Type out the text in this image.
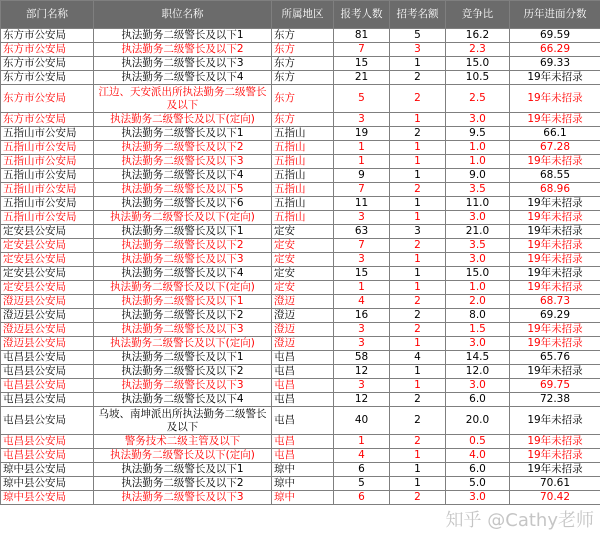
部门名称	职位名称	所属地区	报考人数	招考名额	竞争比	历年进面分数
东方市公安局	执法勤务二级警长及以下1	东方	81	5	16.2	69.59
东方市公安局	执法勤务二级警长及以下2	东方	7	3	2.3	66.29
东方市公安局	执法勤务二级警长及以下3	东方	15	1	15.0	69.33
东方市公安局	执法勤务二级警长及以下4	东方	21	2	10.5	19年未招录
东方市公安局	江边、天安派出所执法勤务二级警长及以下	东方	5	2	2.5	19年未招录
东方市公安局	执法勤务二级警长及以下(定向)	东方	3	1	3.0	19年未招录
五指山市公安局	执法勤务二级警长及以下1	五指山	19	2	9.5	66.1
五指山市公安局	执法勤务二级警长及以下2	五指山	1	1	1.0	67.28
五指山市公安局	执法勤务二级警长及以下3	五指山	1	1	1.0	19年未招录
五指山市公安局	执法勤务二级警长及以下4	五指山	9	1	9.0	68.55
五指山市公安局	执法勤务二级警长及以下5	五指山	7	2	3.5	68.96
五指山市公安局	执法勤务二级警长及以下6	五指山	11	1	11.0	19年未招录
五指山市公安局	执法勤务二级警长及以下(定向)	五指山	3	1	3.0	19年未招录
定安县公安局	执法勤务二级警长及以下1	定安	63	3	21.0	19年未招录
定安县公安局	执法勤务二级警长及以下2	定安	7	2	3.5	19年未招录
定安县公安局	执法勤务二级警长及以下3	定安	3	1	3.0	19年未招录
定安县公安局	执法勤务二级警长及以下4	定安	15	1	15.0	19年未招录
定安县公安局	执法勤务二级警长及以下(定向)	定安	1	1	1.0	19年未招录
澄迈县公安局	执法勤务二级警长及以下1	澄迈	4	2	2.0	68.73
澄迈县公安局	执法勤务二级警长及以下2	澄迈	16	2	8.0	69.29
澄迈县公安局	执法勤务二级警长及以下3	澄迈	3	2	1.5	19年未招录
澄迈县公安局	执法勤务二级警长及以下(定向)	澄迈	3	1	3.0	19年未招录
屯昌县公安局	执法勤务二级警长及以下1	屯昌	58	4	14.5	65.76
屯昌县公安局	执法勤务二级警长及以下2	屯昌	12	1	12.0	19年未招录
屯昌县公安局	执法勤务二级警长及以下3	屯昌	3	1	3.0	69.75
屯昌县公安局	执法勤务二级警长及以下4	屯昌	12	2	6.0	72.38
屯昌县公安局	乌坡、南坤派出所执法勤务二级警长及以下	屯昌	40	2	20.0	19年未招录
屯昌县公安局	警务技术二级主管及以下	屯昌	1	2	0.5	19年未招录
屯昌县公安局	执法勤务二级警长及以下(定向)	屯昌	4	1	4.0	19年未招录
琼中县公安局	执法勤务二级警长及以下1	琼中	6	1	6.0	19年未招录
琼中县公安局	执法勤务二级警长及以下2	琼中	5	1	5.0	70.61
琼中县公安局	执法勤务二级警长及以下3	琼中	6	2	3.0	70.42
知乎 @Cathy老师
